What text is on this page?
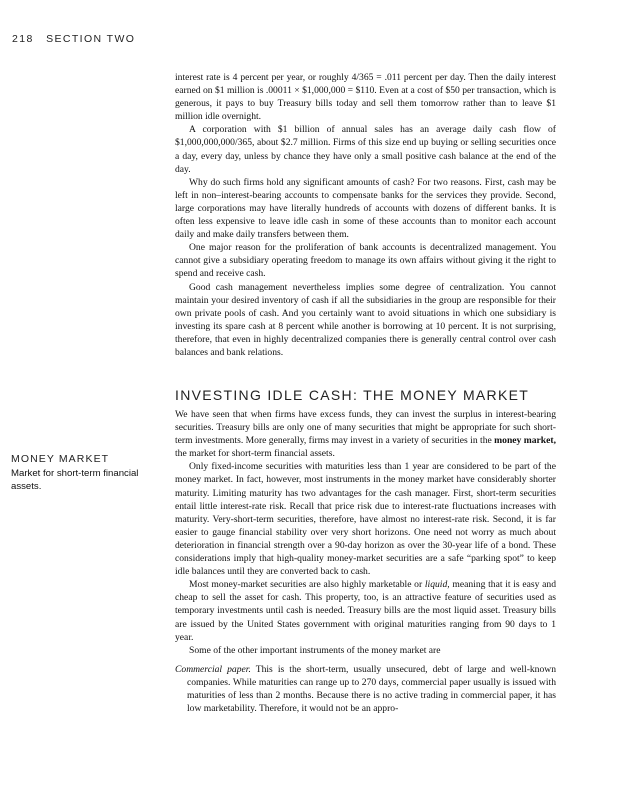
218 SECTION TWO

interest rate is 4 percent per year, or roughly 4/365 = .011 percent per day. Then the daily interest earned on $1 million is .00011 × $1,000,000 = $110. Even at a cost of $50 per transaction, which is generous, it pays to buy Treasury bills today and sell them tomorrow rather than to leave $1 million idle overnight.

A corporation with $1 billion of annual sales has an average daily cash flow of $1,000,000,000/365, about $2.7 million. Firms of this size end up buying or selling securities once a day, every day, unless by chance they have only a small positive cash balance at the end of the day.

Why do such firms hold any significant amounts of cash? For two reasons. First, cash may be left in non–interest-bearing accounts to compensate banks for the services they provide. Second, large corporations may have literally hundreds of accounts with dozens of different banks. It is often less expensive to leave idle cash in some of these accounts than to monitor each account daily and make daily transfers between them.

One major reason for the proliferation of bank accounts is decentralized management. You cannot give a subsidiary operating freedom to manage its own affairs without giving it the right to spend and receive cash.

Good cash management nevertheless implies some degree of centralization. You cannot maintain your desired inventory of cash if all the subsidiaries in the group are responsible for their own private pools of cash. And you certainly want to avoid situations in which one subsidiary is investing its spare cash at 8 percent while another is borrowing at 10 percent. It is not surprising, therefore, that even in highly decentralized companies there is generally central control over cash balances and bank relations.

INVESTING IDLE CASH: THE MONEY MARKET
MONEY MARKET
Market for short-term financial assets.

We have seen that when firms have excess funds, they can invest the surplus in interest-bearing securities. Treasury bills are only one of many securities that might be appropriate for such short-term investments. More generally, firms may invest in a variety of securities in the money market, the market for short-term financial assets.

Only fixed-income securities with maturities less than 1 year are considered to be part of the money market. In fact, however, most instruments in the money market have considerably shorter maturity. Limiting maturity has two advantages for the cash manager. First, short-term securities entail little interest-rate risk. Recall that price risk due to interest-rate fluctuations increases with maturity. Very-short-term securities, therefore, have almost no interest-rate risk. Second, it is far easier to gauge financial stability over very short horizons. One need not worry as much about deterioration in financial strength over a 90-day horizon as over the 30-year life of a bond. These considerations imply that high-quality money-market securities are a safe “parking spot” to keep idle balances until they are converted back to cash.

Most money-market securities are also highly marketable or liquid, meaning that it is easy and cheap to sell the asset for cash. This property, too, is an attractive feature of securities used as temporary investments until cash is needed. Treasury bills are the most liquid asset. Treasury bills are issued by the United States government with original maturities ranging from 90 days to 1 year.

Some of the other important instruments of the money market are

Commercial paper. This is the short-term, usually unsecured, debt of large and well-known companies. While maturities can range up to 270 days, commercial paper usually is issued with maturities of less than 2 months. Because there is no active trading in commercial paper, it has low marketability. Therefore, it would not be an appro-
